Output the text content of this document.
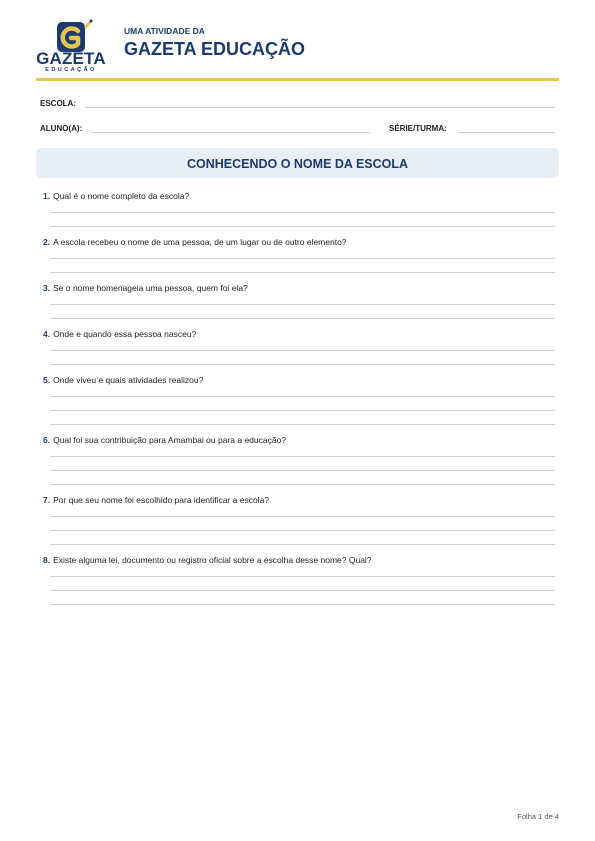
GAZETA
EDUCAÇÃO
UMA ATIVIDADE DA
GAZETA EDUCAÇÃO
ESCOLA:
ALUNO(A):	SÉRIE/TURMA:
CONHECENDO O NOME DA ESCOLA
1. Qual é o nome completo da escola?
2. A escola recebeu o nome de uma pessoa, de um lugar ou de outro elemento?
3. Se o nome homenageia uma pessoa, quem foi ela?
4. Onde e quando essa pessoa nasceu?
5. Onde viveu e quais atividades realizou?
6. Qual foi sua contribuição para Amambai ou para a educação?
7. Por que seu nome foi escolhido para identificar a escola?
8. Existe alguma lei, documento ou registro oficial sobre a escolha desse nome? Qual?
Folha 1 de 4
